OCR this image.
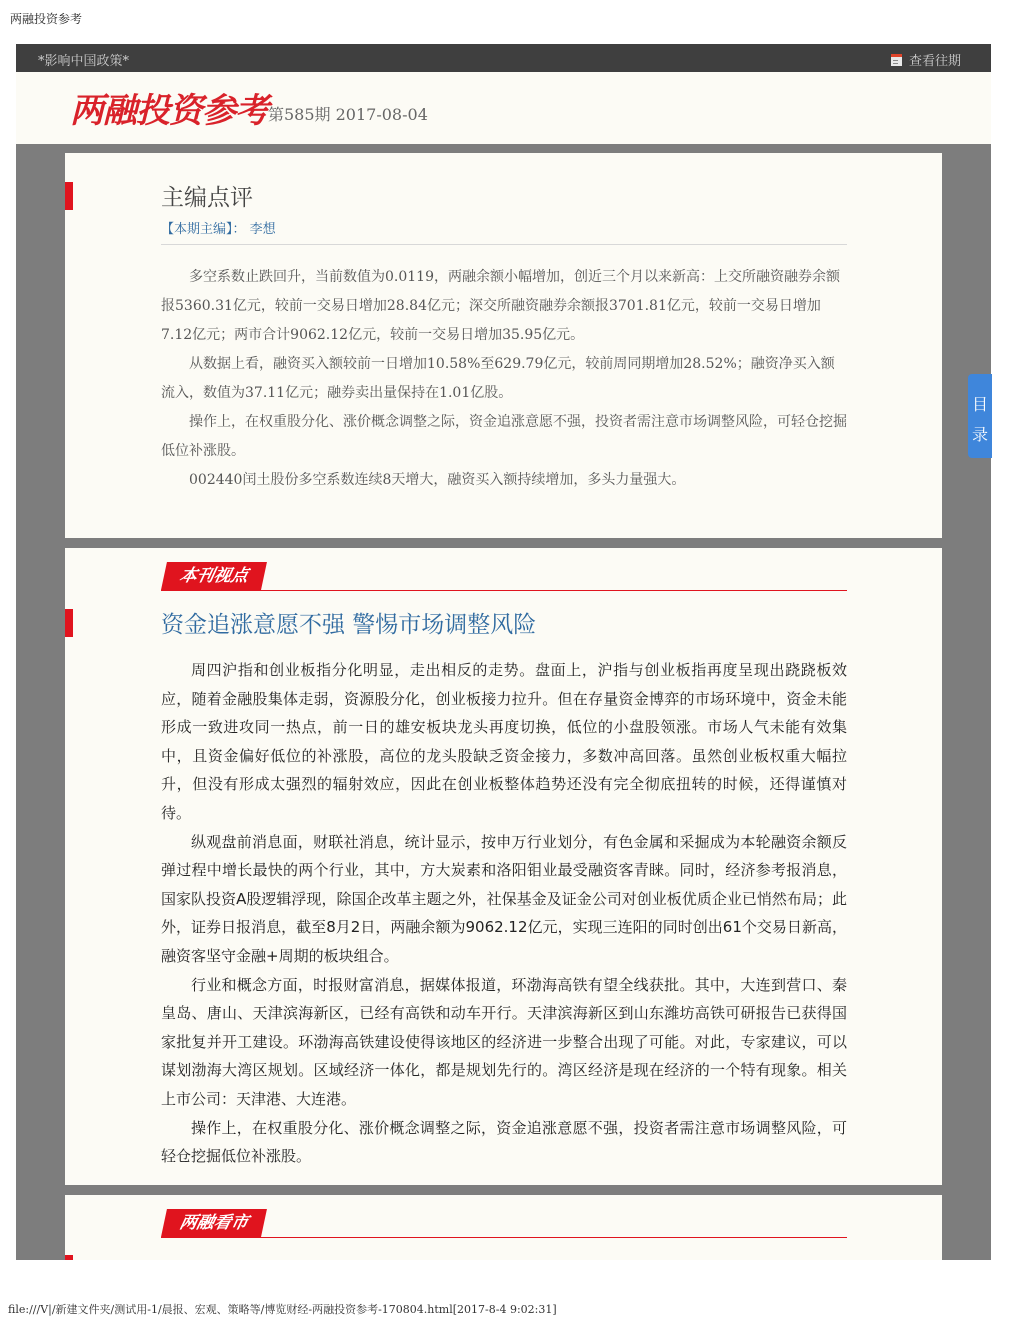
两融投资参考
*影响中国政策*	查看往期
两融投资参考 第585期 2017-08-04
主编点评
【本期主编】： 李想

多空系数止跌回升，当前数值为0.0119，两融余额小幅增加，创近三个月以来新高：上交所融资融券余额报5360.31亿元，较前一交易日增加28.84亿元；深交所融资融券余额报3701.81亿元，较前一交易日增加7.12亿元；两市合计9062.12亿元，较前一交易日增加35.95亿元。

从数据上看，融资买入额较前一日增加10.58%至629.79亿元，较前周同期增加28.52%；融资净买入额流入，数值为37.11亿元；融券卖出量保持在1.01亿股。

操作上，在权重股分化、涨价概念调整之际，资金追涨意愿不强，投资者需注意市场调整风险，可轻仓挖掘低位补涨股。

002440闰土股份多空系数连续8天增大，融资买入额持续增加，多头力量强大。

本刊视点
资金追涨意愿不强 警惕市场调整风险

周四沪指和创业板指分化明显，走出相反的走势。盘面上，沪指与创业板指再度呈现出跷跷板效应，随着金融股集体走弱，资源股分化，创业板接力拉升。但在存量资金博弈的市场环境中，资金未能形成一致进攻同一热点，前一日的雄安板块龙头再度切换，低位的小盘股领涨。市场人气未能有效集中，且资金偏好低位的补涨股，高位的龙头股缺乏资金接力，多数冲高回落。虽然创业板权重大幅拉升，但没有形成太强烈的辐射效应，因此在创业板整体趋势还没有完全彻底扭转的时候，还得谨慎对待。

纵观盘前消息面，财联社消息，统计显示，按申万行业划分，有色金属和采掘成为本轮融资余额反弹过程中增长最快的两个行业，其中，方大炭素和洛阳钼业最受融资客青睐。同时，经济参考报消息，国家队投资A股逻辑浮现，除国企改革主题之外，社保基金及证金公司对创业板优质企业已悄然布局；此外，证券日报消息，截至8月2日，两融余额为9062.12亿元，实现三连阳的同时创出61个交易日新高，融资客坚守金融+周期的板块组合。

行业和概念方面，时报财富消息，据媒体报道，环渤海高铁有望全线获批。其中，大连到营口、秦皇岛、唐山、天津滨海新区，已经有高铁和动车开行。天津滨海新区到山东潍坊高铁可研报告已获得国家批复并开工建设。环渤海高铁建设使得该地区的经济进一步整合出现了可能。对此，专家建议，可以谋划渤海大湾区规划。区域经济一体化，都是规划先行的。湾区经济是现在经济的一个特有现象。相关上市公司：天津港、大连港。

操作上，在权重股分化、涨价概念调整之际，资金追涨意愿不强，投资者需注意市场调整风险，可轻仓挖掘低位补涨股。

两融看市
目
录
file:///V|/新建文件夹/测试用-1/晨报、宏观、策略等/博览财经-两融投资参考-170804.html[2017-8-4 9:02:31]
